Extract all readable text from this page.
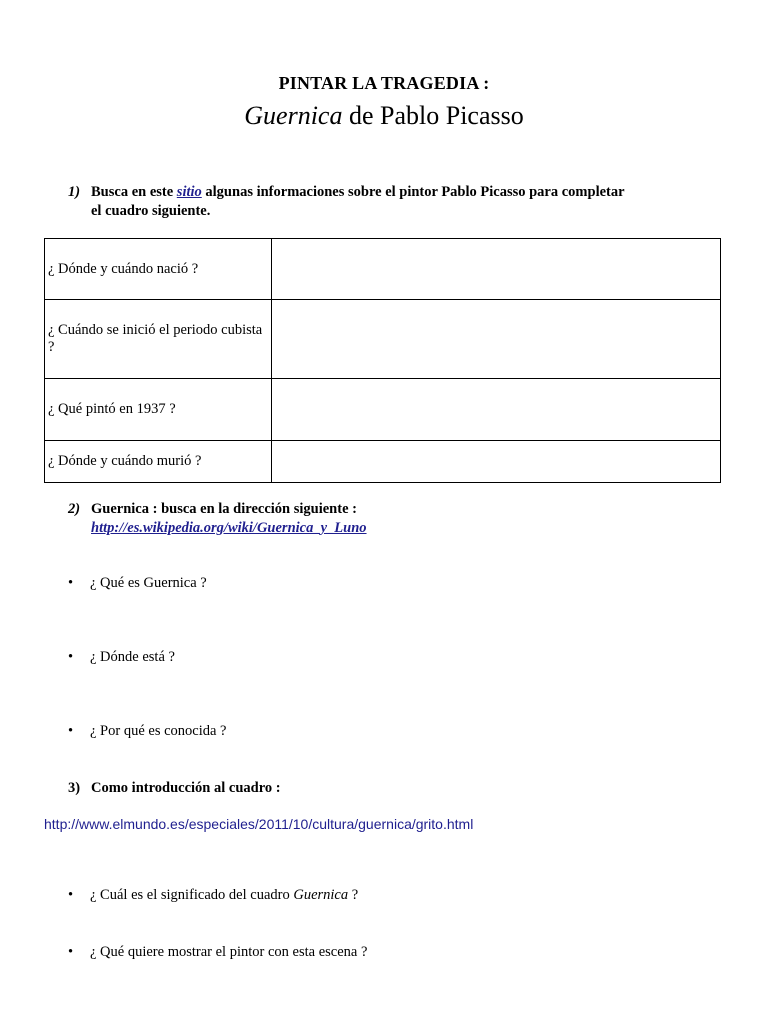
PINTAR LA TRAGEDIA :
Guernica de Pablo Picasso
1) Busca en este sitio algunas informaciones sobre el pintor Pablo Picasso para completar
el cuadro siguiente.
¿ Dónde y cuándo nació ?	
¿ Cuándo se inició el periodo cubista ?	
¿ Qué pintó en 1937 ?	
¿ Dónde y cuándo murió ?	
2) Guernica : busca en la dirección siguiente :
http://es.wikipedia.org/wiki/Guernica_y_Luno
• ¿ Qué es Guernica ?
• ¿ Dónde está ?
• ¿ Por qué es conocida ?
3) Como introducción al cuadro :
http://www.elmundo.es/especiales/2011/10/cultura/guernica/grito.html
• ¿ Cuál es el significado del cuadro Guernica ?
• ¿ Qué quiere mostrar el pintor con esta escena ?
